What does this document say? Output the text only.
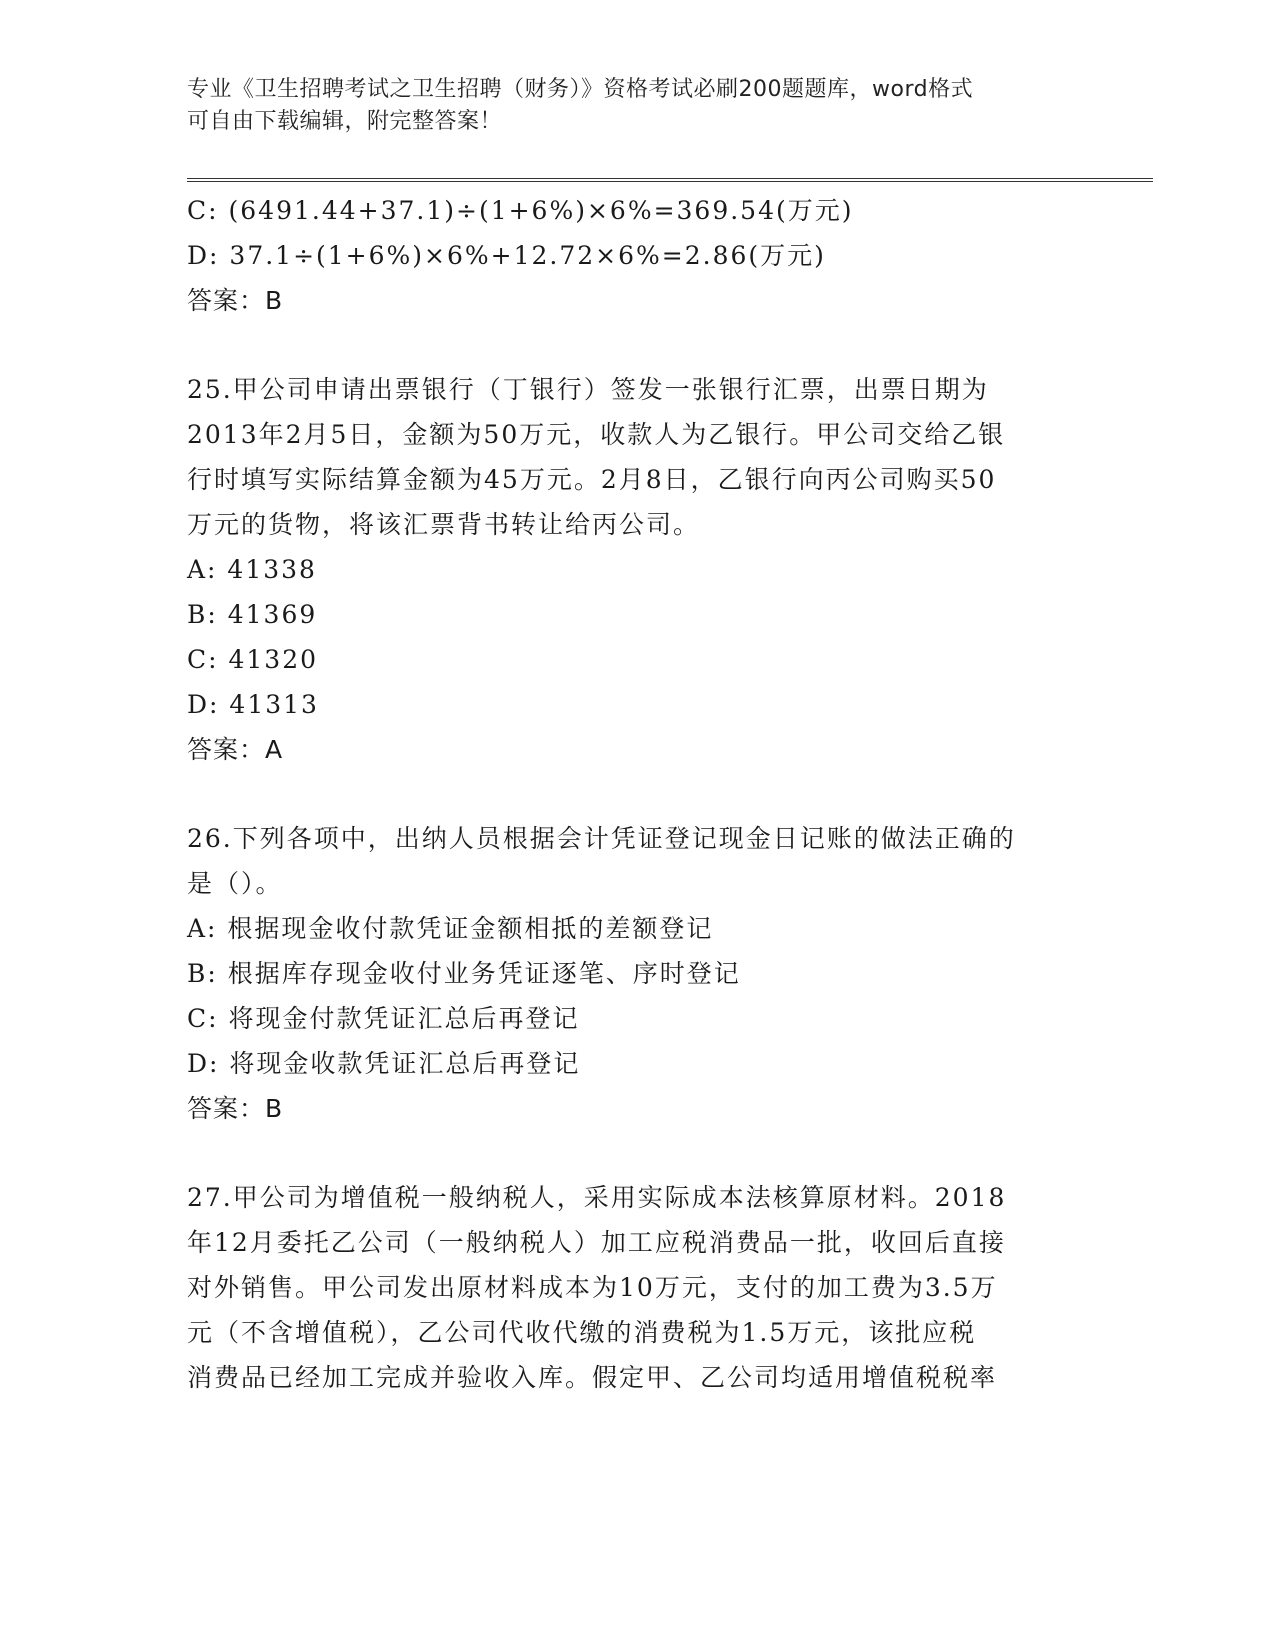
专业《卫生招聘考试之卫生招聘（财务）》资格考试必刷200题题库，word格式
可自由下载编辑，附完整答案！
C: (6491.44+37.1)÷(1+6%)×6%=369.54(万元)
D: 37.1÷(1+6%)×6%+12.72×6%=2.86(万元)
答案：B
25.甲公司申请出票银行（丁银行）签发一张银行汇票，出票日期为
2013年2月5日，金额为50万元，收款人为乙银行。甲公司交给乙银
行时填写实际结算金额为45万元。2月8日，乙银行向丙公司购买50
万元的货物，将该汇票背书转让给丙公司。
A: 41338
B: 41369
C: 41320
D: 41313
答案：A
26.下列各项中，出纳人员根据会计凭证登记现金日记账的做法正确的
是（）。
A: 根据现金收付款凭证金额相抵的差额登记
B: 根据库存现金收付业务凭证逐笔、序时登记
C: 将现金付款凭证汇总后再登记
D: 将现金收款凭证汇总后再登记
答案：B
27.甲公司为增值税一般纳税人，采用实际成本法核算原材料。2018
年12月委托乙公司（一般纳税人）加工应税消费品一批，收回后直接
对外销售。甲公司发出原材料成本为10万元，支付的加工费为3.5万
元（不含增值税），乙公司代收代缴的消费税为1.5万元，该批应税
消费品已经加工完成并验收入库。假定甲、乙公司均适用增值税税率
